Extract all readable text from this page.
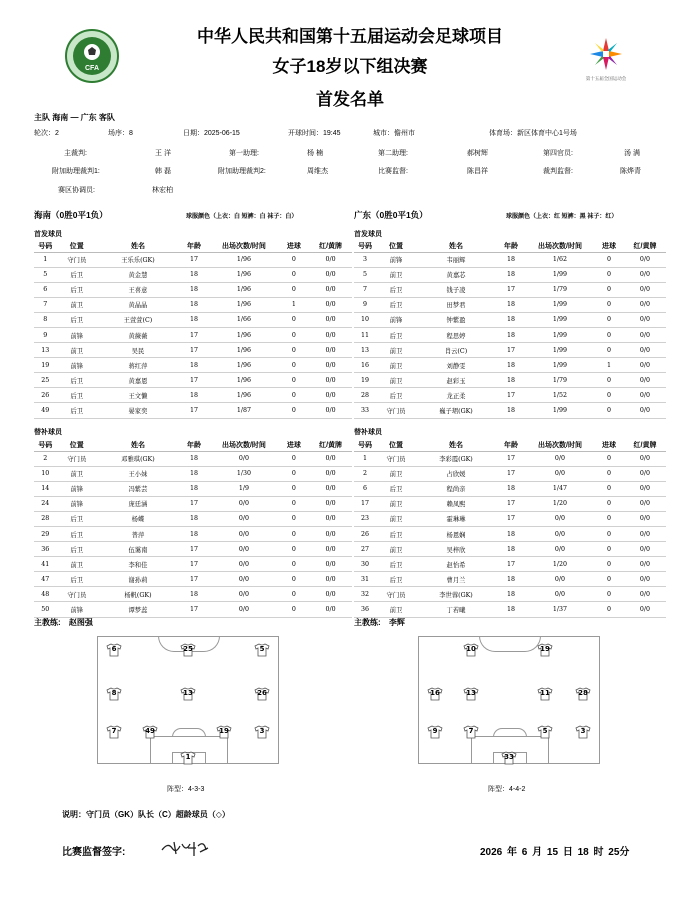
中华人民共和国第十五届运动会足球项目
女子18岁以下组决赛
首发名单
CFA
第十五届全国运动会
主队 海南 — 广东 客队
轮次：2	场序：8	日期：2025-06-15	开球时间：19:45	城市：儋州市	体育场：新区体育中心1号场
主裁判:	王 洋	第一助理:	杨 楠	第二助理:	郝树辉	第四官员:	汤 满
附加助理裁判1:	韩 磊	附加助理裁判2:	周维杰	比赛监督:	陈昌祥	裁判监督:	陈烨青
赛区协调员:	林宏柏
海南（0胜0平1负）	球服颜色（上衣：白 短裤：白 袜子：白）	广东（0胜0平1负）	球服颜色（上衣：红 短裤：黑 袜子：红）
首发球员	首发球员
号码	位置	姓名	年龄	出场次数/时间	进球	红/黄牌
1	守门员	王乐乐(GK)	17	1/96	0	0/0
5	后卫	黄金慧	18	1/96	0	0/0
6	后卫	王喜意	18	1/96	0	0/0
7	前卫	黄晶晶	18	1/96	1	0/0
8	后卫	王萱萱(C)	18	1/66	0	0/0
9	前锋	黄薇薇	17	1/96	0	0/0
13	前卫	吴民	17	1/96	0	0/0
19	前锋	蒋红萍	18	1/96	0	0/0
25	后卫	黄嘉恩	17	1/96	0	0/0
26	后卫	王文懒	18	1/96	0	0/0
49	后卫	晏家奕	17	1/87	0	0/0
号码	位置	姓名	年龄	出场次数/时间	进球	红/黄牌
3	前锋	韦丽辉	18	1/62	0	0/0
5	前卫	黄嘉芯	18	1/99	0	0/0
7	后卫	钱子凌	17	1/79	0	0/0
9	后卫	田梦君	18	1/99	0	0/0
10	前锋	钟紫盈	18	1/99	0	0/0
11	后卫	程思婷	18	1/99	0	0/0
13	前卫	肖云(C)	17	1/99	0	0/0
16	前卫	刘静雯	18	1/99	1	0/0
19	前卫	赵彩玉	18	1/79	0	0/0
28	后卫	龙正柔	17	1/52	0	0/0
33	守门员	巍子珺(GK)	18	1/99	0	0/0
替补球员	替补球员
号码	位置	姓名	年龄	出场次数/时间	进球	红/黄牌
2	守门员	邓雅琪(GK)	18	0/0	0	0/0
10	前卫	王小妹	18	1/30	0	0/0
14	前锋	冯紫芸	18	1/9	0	0/0
24	前锋	庞廷涵	17	0/0	0	0/0
28	后卫	杨蝶	18	0/0	0	0/0
29	后卫	普萍	18	0/0	0	0/0
36	后卫	伍霭南	17	0/0	0	0/0
41	前卫	李和佳	17	0/0	0	0/0
47	后卫	谢孙莉	17	0/0	0	0/0
48	守门员	杨帆(GK)	18	0/0	0	0/0
50	前锋	谭梦蕊	17	0/0	0	0/0
号码	位置	姓名	年龄	出场次数/时间	进球	红/黄牌
1	守门员	李彩霞(GK)	17	0/0	0	0/0
2	前卫	占欣媛	17	0/0	0	0/0
6	后卫	程尚亲	18	1/47	0	0/0
17	前卫	赖凤熙	17	1/20	0	0/0
23	前卫	霍琳琳	17	0/0	0	0/0
26	后卫	杨恩娴	18	0/0	0	0/0
27	前卫	吴梓欣	18	0/0	0	0/0
30	后卫	赵怡希	17	1/20	0	0/0
31	后卫	曹月兰	18	0/0	0	0/0
32	守门员	李世蓉(GK)	18	0/0	0	0/0
36	前卫	丁若曦	18	1/37	0	0/0
主教练: 赵图强	主教练: 李辉
6	25	5
8	13	26
7	49	19	3
1
10	19
16	13	11	28
9	7	5	3
33
阵型：4-3-3	阵型：4-4-2
说明：守门员（GK）队长（C）超龄球员（◇）
比赛监督签字:	2026 年 6 月 15 日 18 时 25分
